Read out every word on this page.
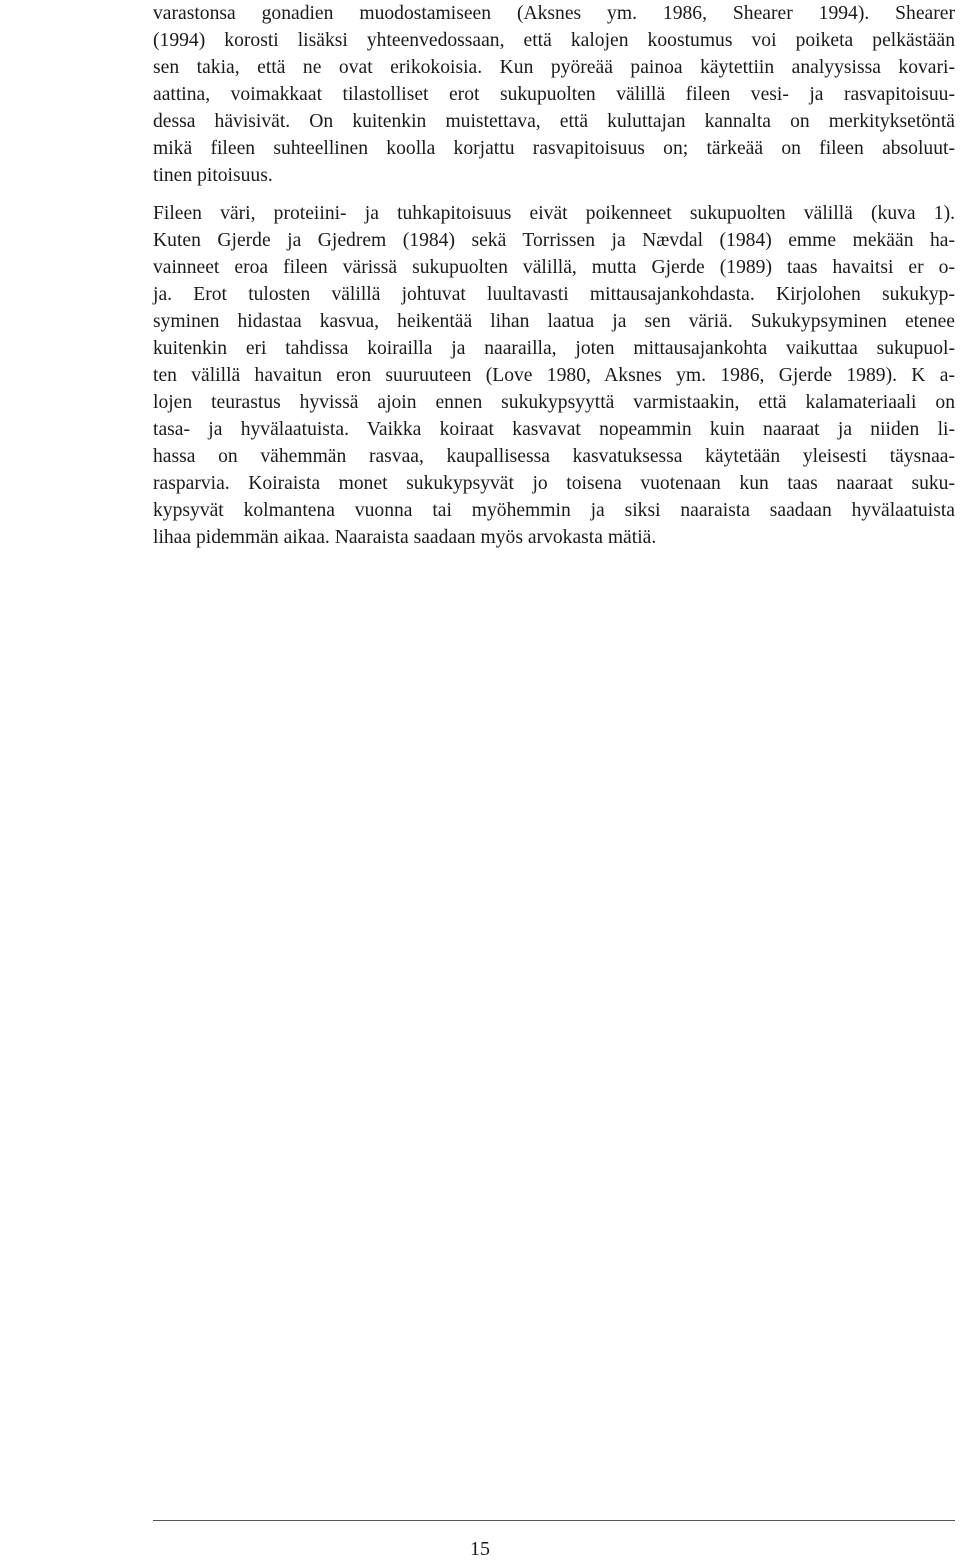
varastonsa gonadien muodostamiseen (Aksnes ym. 1986, Shearer 1994). Shearer
(1994) korosti lisäksi yhteenvedossaan, että kalojen koostumus voi poiketa pelkästään
sen takia, että ne ovat erikokoisia. Kun pyöreää painoa käytettiin analyysissa kovari-
aattina, voimakkaat tilastolliset erot sukupuolten välillä fileen vesi- ja rasvapitoisuu-
dessa hävisivät. On kuitenkin muistettava, että kuluttajan kannalta on merkityksetöntä
mikä fileen suhteellinen koolla korjattu rasvapitoisuus on; tärkeää on fileen absoluut-
tinen pitoisuus.
Fileen väri, proteiini- ja tuhkapitoisuus eivät poikenneet sukupuolten välillä (kuva 1).
Kuten Gjerde ja Gjedrem (1984) sekä Torrissen ja Nævdal (1984) emme mekään ha-
vainneet eroa fileen värissä sukupuolten välillä, mutta Gjerde (1989) taas havaitsi er o-
ja. Erot tulosten välillä johtuvat luultavasti mittausajankohdasta. Kirjolohen sukukyp-
syminen hidastaa kasvua, heikentää lihan laatua ja sen väriä. Sukukypsyminen etenee
kuitenkin eri tahdissa koirailla ja naarailla, joten mittausajankohta vaikuttaa sukupuol-
ten välillä havaitun eron suuruuteen (Love 1980, Aksnes ym. 1986, Gjerde 1989). K a-
lojen teurastus hyvissä ajoin ennen sukukypsyyttä varmistaakin, että kalamateriaali on
tasa- ja hyvälaatuista. Vaikka koiraat kasvavat nopeammin kuin naaraat ja niiden li-
hassa on vähemmän rasvaa, kaupallisessa kasvatuksessa käytetään yleisesti täysnaa-
rasparvia. Koiraista monet sukukypsyvät jo toisena vuotenaan kun taas naaraat suku-
kypsyvät kolmantena vuonna tai myöhemmin ja siksi naaraista saadaan hyvälaatuista
lihaa pidemmän aikaa. Naaraista saadaan myös arvokasta mätiä.
15
